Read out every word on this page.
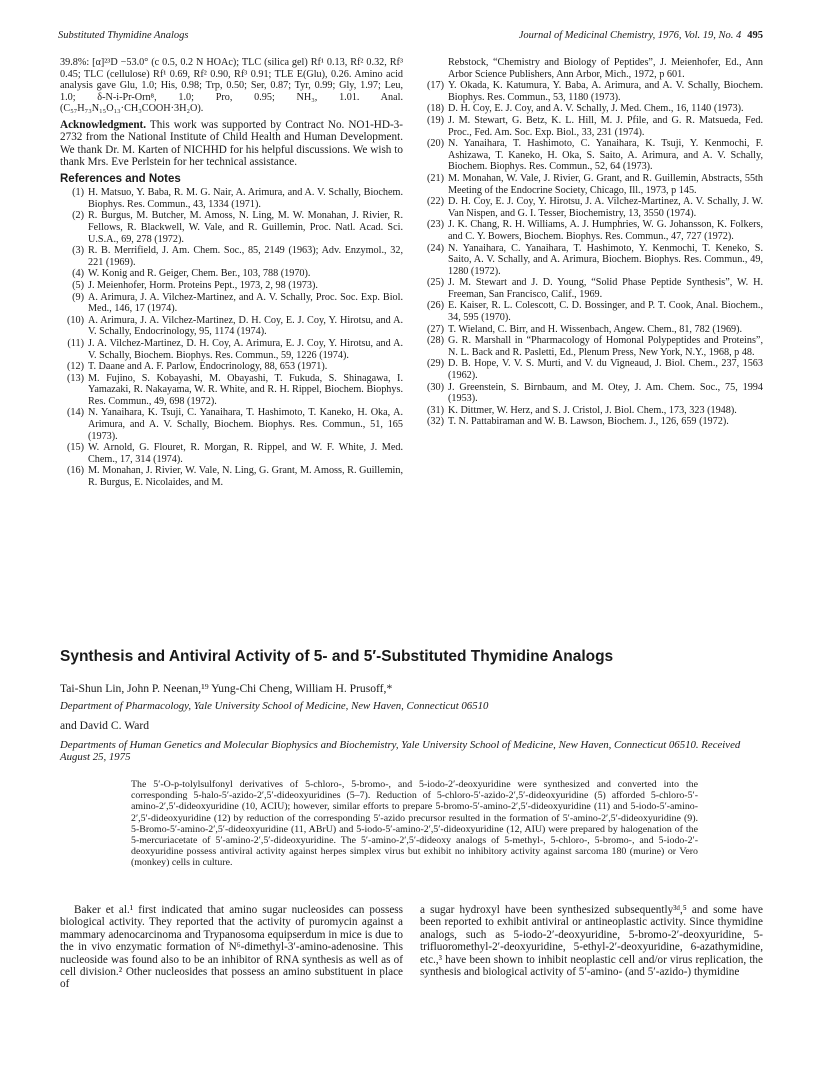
Substituted Thymidine Analogs	Journal of Medicinal Chemistry, 1976, Vol. 19, No. 4 495
39.8%: [α]²³D −53.0° (c 0.5, 0.2 N HOAc); TLC (silica gel) Rf¹ 0.13, Rf² 0.32, Rf³ 0.45; TLC (cellulose) Rf¹ 0.69, Rf² 0.90, Rf³ 0.91; TLE E(Glu), 0.26. Amino acid analysis gave Glu, 1.0; His, 0.98; Trp, 0.50; Ser, 0.87; Tyr, 0.99; Gly, 1.97; Leu, 1.0; δ-N-i-Pr-Orn⁸, 1.0; Pro, 0.95; NH₃, 1.01. Anal. (C₅₇H₇₃N₁₅O₁₃·CH₃COOH·3H₂O).
Acknowledgment. This work was supported by Contract No. NO1-HD-3-2732 from the National Institute of Child Health and Human Development. We thank Dr. M. Karten of NICHHD for his helpful discussions. We wish to thank Mrs. Eve Perlstein for her technical assistance.
References and Notes
(1) H. Matsuo, Y. Baba, R. M. G. Nair, A. Arimura, and A. V. Schally, Biochem. Biophys. Res. Commun., 43, 1334 (1971).
(2) R. Burgus, M. Butcher, M. Amoss, N. Ling, M. W. Monahan, J. Rivier, R. Fellows, R. Blackwell, W. Vale, and R. Guillemin, Proc. Natl. Acad. Sci. U.S.A., 69, 278 (1972).
(3) R. B. Merrifield, J. Am. Chem. Soc., 85, 2149 (1963); Adv. Enzymol., 32, 221 (1969).
(4) W. Konig and R. Geiger, Chem. Ber., 103, 788 (1970).
(5) J. Meienhofer, Horm. Proteins Pept., 1973, 2, 98 (1973).
(9) A. Arimura, J. A. Vilchez-Martinez, and A. V. Schally, Proc. Soc. Exp. Biol. Med., 146, 17 (1974).
(10) A. Arimura, J. A. Vilchez-Martinez, D. H. Coy, E. J. Coy, Y. Hirotsu, and A. V. Schally, Endocrinology, 95, 1174 (1974).
(11) J. A. Vilchez-Martinez, D. H. Coy, A. Arimura, E. J. Coy, Y. Hirotsu, and A. V. Schally, Biochem. Biophys. Res. Commun., 59, 1226 (1974).
(12) T. Daane and A. F. Parlow, Endocrinology, 88, 653 (1971).
(13) M. Fujino, S. Kobayashi, M. Obayashi, T. Fukuda, S. Shinagawa, I. Yamazaki, R. Nakayama, W. R. White, and R. H. Rippel, Biochem. Biophys. Res. Commun., 49, 698 (1972).
(14) N. Yanaihara, K. Tsuji, C. Yanaihara, T. Hashimoto, T. Kaneko, H. Oka, A. Arimura, and A. V. Schally, Biochem. Biophys. Res. Commun., 51, 165 (1973).
(15) W. Arnold, G. Flouret, R. Morgan, R. Rippel, and W. F. White, J. Med. Chem., 17, 314 (1974).
(16) M. Monahan, J. Rivier, W. Vale, N. Ling, G. Grant, M. Amoss, R. Guillemin, R. Burgus, E. Nicolaides, and M.
Rebstock, “Chemistry and Biology of Peptides”, J. Meienhofer, Ed., Ann Arbor Science Publishers, Ann Arbor, Mich., 1972, p 601.
(17) Y. Okada, K. Katumura, Y. Baba, A. Arimura, and A. V. Schally, Biochem. Biophys. Res. Commun., 53, 1180 (1973).
(18) D. H. Coy, E. J. Coy, and A. V. Schally, J. Med. Chem., 16, 1140 (1973).
(19) J. M. Stewart, G. Betz, K. L. Hill, M. J. Pfile, and G. R. Matsueda, Fed. Proc., Fed. Am. Soc. Exp. Biol., 33, 231 (1974).
(20) N. Yanaihara, T. Hashimoto, C. Yanaihara, K. Tsuji, Y. Kenmochi, F. Ashizawa, T. Kaneko, H. Oka, S. Saito, A. Arimura, and A. V. Schally, Biochem. Biophys. Res. Commun., 52, 64 (1973).
(21) M. Monahan, W. Vale, J. Rivier, G. Grant, and R. Guillemin, Abstracts, 55th Meeting of the Endocrine Society, Chicago, Ill., 1973, p 145.
(22) D. H. Coy, E. J. Coy, Y. Hirotsu, J. A. Vilchez-Martinez, A. V. Schally, J. W. Van Nispen, and G. I. Tesser, Biochemistry, 13, 3550 (1974).
(23) J. K. Chang, R. H. Williams, A. J. Humphries, W. G. Johansson, K. Folkers, and C. Y. Bowers, Biochem. Biophys. Res. Commun., 47, 727 (1972).
(24) N. Yanaihara, C. Yanaihara, T. Hashimoto, Y. Kenmochi, T. Keneko, S. Saito, A. V. Schally, and A. Arimura, Biochem. Biophys. Res. Commun., 49, 1280 (1972).
(25) J. M. Stewart and J. D. Young, “Solid Phase Peptide Synthesis”, W. H. Freeman, San Francisco, Calif., 1969.
(26) E. Kaiser, R. L. Colescott, C. D. Bossinger, and P. T. Cook, Anal. Biochem., 34, 595 (1970).
(27) T. Wieland, C. Birr, and H. Wissenbach, Angew. Chem., 81, 782 (1969).
(28) G. R. Marshall in “Pharmacology of Homonal Polypeptides and Proteins”, N. L. Back and R. Pasletti, Ed., Plenum Press, New York, N.Y., 1968, p 48.
(29) D. B. Hope, V. V. S. Murti, and V. du Vigneaud, J. Biol. Chem., 237, 1563 (1962).
(30) J. Greenstein, S. Birnbaum, and M. Otey, J. Am. Chem. Soc., 75, 1994 (1953).
(31) K. Dittmer, W. Herz, and S. J. Cristol, J. Biol. Chem., 173, 323 (1948).
(32) T. N. Pattabiraman and W. B. Lawson, Biochem. J., 126, 659 (1972).
Synthesis and Antiviral Activity of 5- and 5′-Substituted Thymidine Analogs
Tai-Shun Lin, John P. Neenan,¹⁹ Yung-Chi Cheng, William H. Prusoff,*
Department of Pharmacology, Yale University School of Medicine, New Haven, Connecticut 06510
and David C. Ward
Departments of Human Genetics and Molecular Biophysics and Biochemistry, Yale University School of Medicine, New Haven, Connecticut 06510. Received August 25, 1975
The 5′-O-p-tolylsulfonyl derivatives of 5-chloro-, 5-bromo-, and 5-iodo-2′-deoxyuridine were synthesized and converted into the corresponding 5-halo-5′-azido-2′,5′-dideoxyuridines (5–7). Reduction of 5-chloro-5′-azido-2′,5′-dideoxyuridine (5) afforded 5-chloro-5′-amino-2′,5′-dideoxyuridine (10, ACIU); however, similar efforts to prepare 5-bromo-5′-amino-2′,5′-dideoxyuridine (11) and 5-iodo-5′-amino-2′,5′-dideoxyuridine (12) by reduction of the corresponding 5′-azido precursor resulted in the formation of 5′-amino-2′,5′-dideoxyuridine (9). 5-Bromo-5′-amino-2′,5′-dideoxyuridine (11, ABrU) and 5-iodo-5′-amino-2′,5′-dideoxyuridine (12, AIU) were prepared by halogenation of the 5-mercuriacetate of 5′-amino-2′,5′-dideoxyuridine. The 5′-amino-2′,5′-dideoxy analogs of 5-methyl-, 5-chloro-, 5-bromo-, and 5-iodo-2′-deoxyuridine possess antiviral activity against herpes simplex virus but exhibit no inhibitory activity against sarcoma 180 (murine) or Vero (monkey) cells in culture.
Baker et al.¹ first indicated that amino sugar nucleosides can possess biological activity. They reported that the activity of puromycin against a mammary adenocarcinoma and Trypanosoma equipserdum in mice is due to the in vivo enzymatic formation of N⁶-dimethyl-3′-amino-adenosine. This nucleoside was found also to be an inhibitor of RNA synthesis as well as of cell division.² Other nucleosides that possess an amino substituent in place of
a sugar hydroxyl have been synthesized subsequently³ᵈ,⁵ and some have been reported to exhibit antiviral or antineoplastic activity. Since thymidine analogs, such as 5-iodo-2′-deoxyuridine, 5-bromo-2′-deoxyuridine, 5-trifluoromethyl-2′-deoxyuridine, 5-ethyl-2′-deoxyuridine, 6-azathymidine, etc.,³ have been shown to inhibit neoplastic cell and/or virus replication, the synthesis and biological activity of 5′-amino- (and 5′-azido-) thymidine
